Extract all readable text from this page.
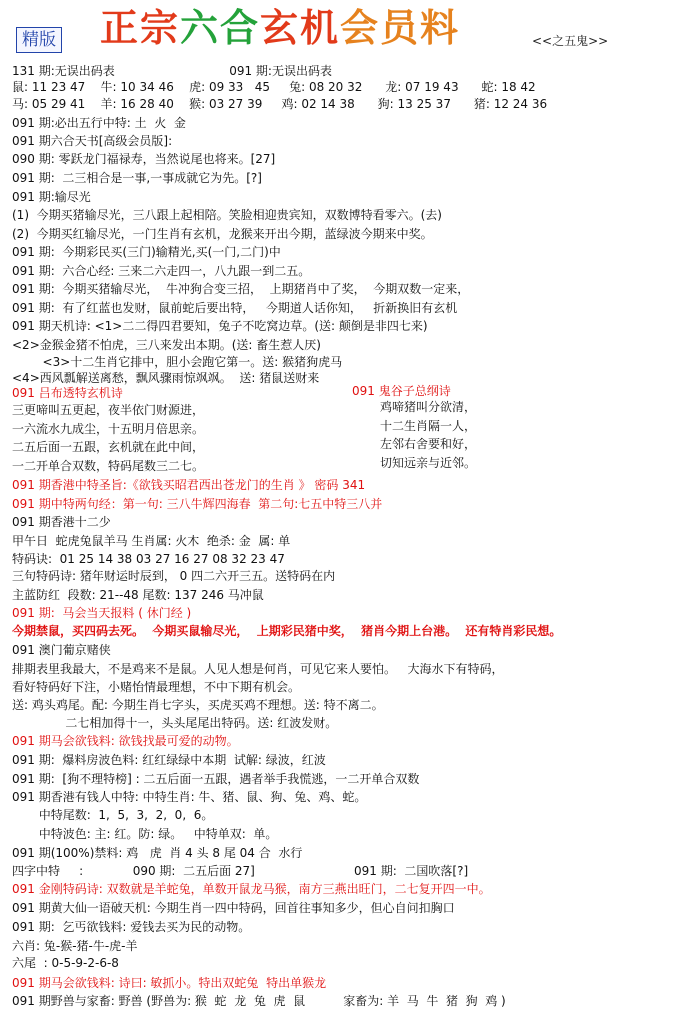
精版 正宗六合玄机会员料	<<之五鬼>>
131 期:无误出码表                              091 期:无误出码表
鼠: 11 23 47    牛: 10 34 46    虎: 09 33   45     兔: 08 20 32      龙: 07 19 43      蛇: 18 42
马: 05 29 41    羊: 16 28 40    猴: 03 27 39     鸡: 02 14 38      狗: 13 25 37      猪: 12 24 36
091 期:必出五行中特: 土  火  金
091 期六合天书[高级会员版]:
090 期: 零跃龙门福禄寿，当然说尾也将来。[27]
091 期:  二三相合是一事,一事成就它为先。[?]
091 期:输尽光
(1)  今期买猪输尽光，三八跟上起相陪。笑脸相迎贵宾知，双数博特看零六。(去)
(2)  今期买红输尽光，一门生肖有玄机，龙猴来开出今期，蓝绿波今期来中奖。
091 期:  今期彩民买(三门)输精光,买(一门,二门)中
091 期:  六合心经: 三来二六走四一，八九跟一到二五。
091 期:  今期买猪输尽光，  牛冲狗合变三招，  上期猪肖中了奖，  今期双数一定来，
091 期:  有了红蓝也发财，鼠前蛇后要出特，   今期道人话你知，   折新换旧有玄机
091 期天机诗: <1>二二得四君要知，兔子不吃窝边草。(送: 颠倒是非四七来)
<2>金猴金猪不怕虎，三八来发出本期。(送: 畜生惹人厌)
<3>十二生肖它排中，胆小会跑它第一。送: 猴猪狗虎马
<4>西风瓢解送离愁，飘风骤雨惊飒飒。  送: 猪鼠送财来
091 吕布透特玄机诗
三更啼叫五更起，夜半依门财源进，
一六流水九成尘，十五明月倍思亲。
二五后面一五跟，玄机就在此中间，
一二开单合双数，特码尾数三二七。
091 期香港中特圣旨:《欲钱买昭君西出苍龙门的生肖 》 密码 341
091 期中特两句经：第一句: 三八牛辉四海春  第二句:七五中特三八并
091 期香港十二少
甲午日  蛇虎兔鼠羊马 生肖属: 火木  绝杀: 金  属: 单
特码诀:  01 25 14 38 03 27 16 27 08 32 23 47
三句特码诗: 猪年财运时辰到， 0 四二六开三五。送特码在内
主蓝防红  段数: 21--48 尾数: 137 246 马冲鼠
091 期:  马会当天报料 ( 休门经 )
今期禁鼠，买四码去死。  今期买鼠输尽光，  上期彩民猪中奖，  猪肖今期上台港。  还有特肖彩民想。
091 澳门葡京赌侠
排期表里我最大，不是鸡来不是鼠。人见人想是何肖，可见它来人要怕。   大海水下有特码，
看好特码好下注，小赌怡情最理想，不中下期有机会。
送: 鸡头鸡尾。配: 今期生肖七字头，买虎买鸡不理想。送: 特不离二。
二七相加得十一，头头尾尾出特码。送: 红波发财。
091 期马会欲钱料: 欲钱找最可爱的动物。
091 期:  爆料房波色料: 红红绿绿中本期  试解: 绿波，红波
091 期:  [狗不理特榜] : 二五后面一五跟，遇者举手我慌逃，一二开单合双数
091 期香港有钱人中特: 中特生肖: 牛、猪、鼠、狗、兔、鸡、蛇。
中特尾数:  1,  5,  3,  2,  0,  6。
中特波色: 主: 红。防: 绿。   中特单双:  单。
091 期(100%)禁料: 鸡   虎  肖 4 头 8 尾 04 合  水行
四字中特     :             090 期:  二五后面 27]                          091 期:  二国吹落[?]
091 金刚特码诗: 双数就是羊蛇兔，单数开鼠龙马猴，南方三燕出旺门，二七复开四一中。
091 期黄大仙一语破天机: 今期生肖一四中特码，回首往事知多少，但心自问扣胸口
091 期:  乞丐欲钱料: 爱钱去买为民的动物。
六肖: 兔-猴-猪-牛-虎-羊
六尾  : 0-5-9-2-6-8
091 期马会欲钱料: 诗曰: 敏抓小。特出双蛇兔  特出单猴龙
091 期野兽与家畜: 野兽 (野兽为: 猴  蛇  龙  兔  虎  鼠          家畜为: 羊  马  牛  猪  狗  鸡 )
091 鬼谷子总纲诗
鸡啼猪叫分欲清，
十二生肖隔一人，
左邻右舍要和好，
切知远亲与近邻。
